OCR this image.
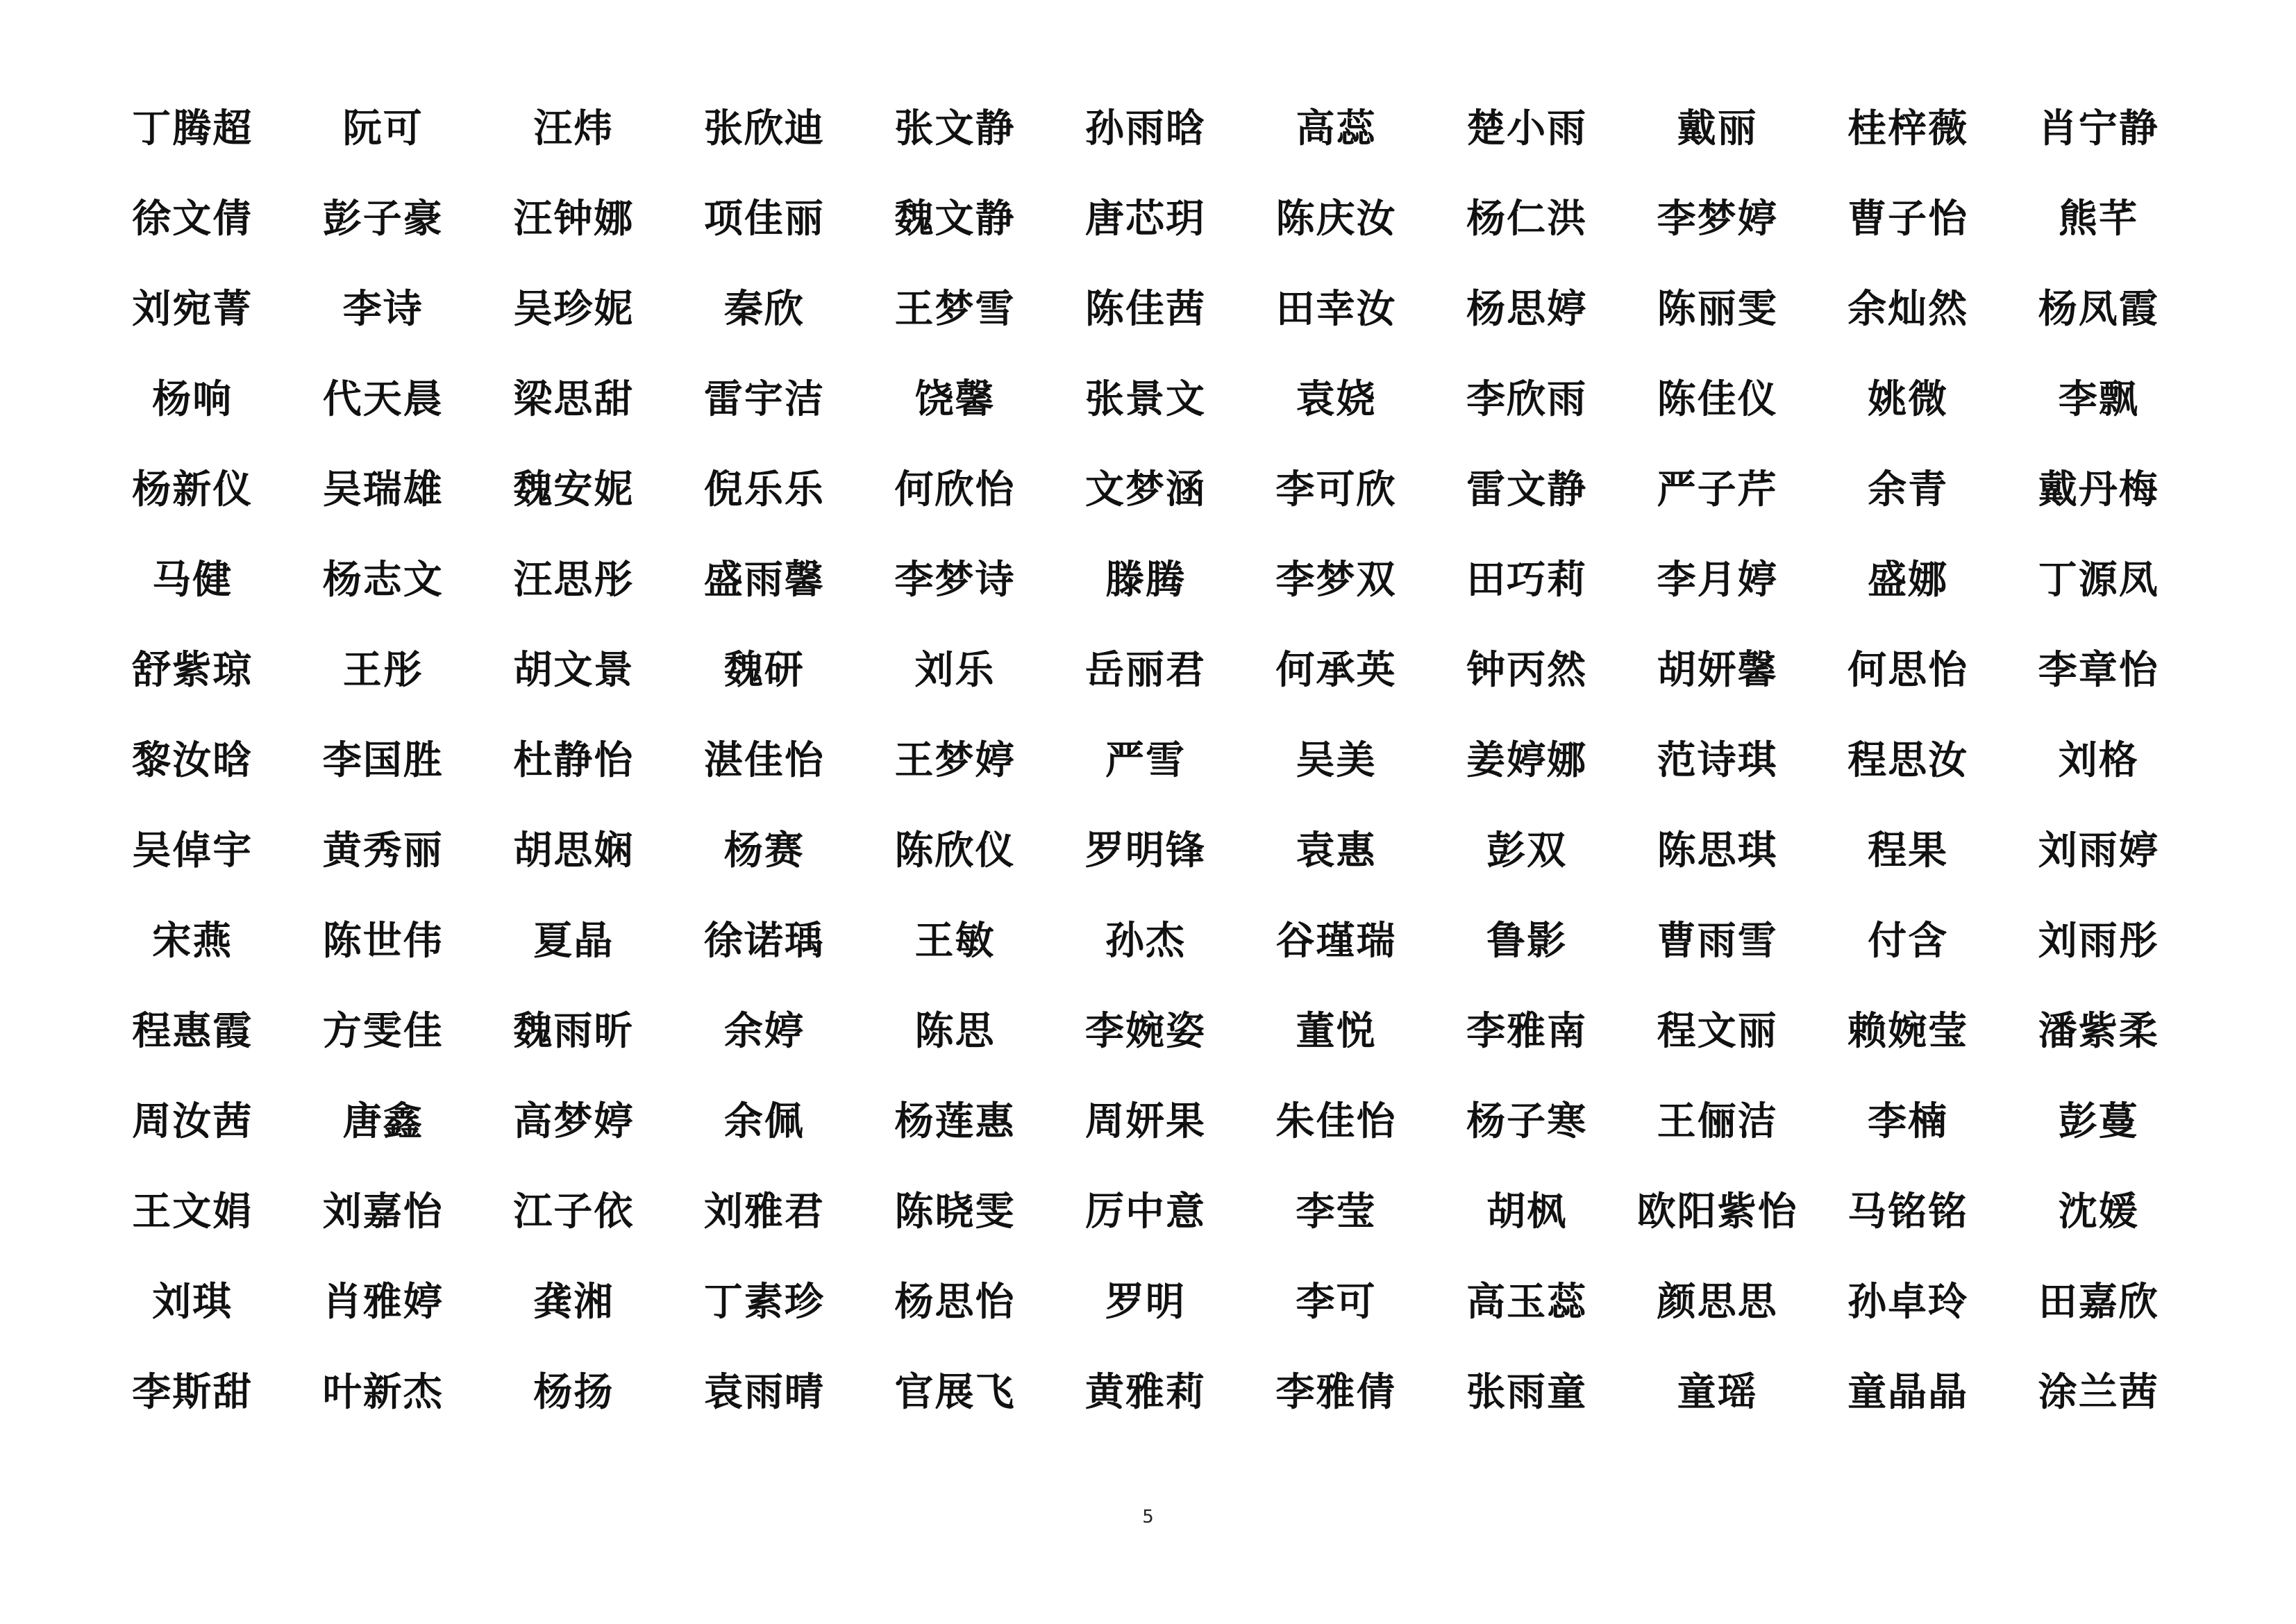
丁腾超	阮可	汪炜	张欣迪	张文静	孙雨晗	高蕊	楚小雨	戴丽	桂梓薇	肖宁静
徐文倩	彭子豪	汪钟娜	项佳丽	魏文静	唐芯玥	陈庆汝	杨仁洪	李梦婷	曹子怡	熊芊
刘宛菁	李诗	吴珍妮	秦欣	王梦雪	陈佳茜	田幸汝	杨思婷	陈丽雯	余灿然	杨凤霞
杨响	代天晨	梁思甜	雷宇洁	饶馨	张景文	袁娆	李欣雨	陈佳仪	姚微	李飘
杨新仪	吴瑞雄	魏安妮	倪乐乐	何欣怡	文梦涵	李可欣	雷文静	严子芹	余青	戴丹梅
马健	杨志文	汪思彤	盛雨馨	李梦诗	滕腾	李梦双	田巧莉	李月婷	盛娜	丁源凤
舒紫琼	王彤	胡文景	魏研	刘乐	岳丽君	何承英	钟丙然	胡妍馨	何思怡	李章怡
黎汝晗	李国胜	杜静怡	湛佳怡	王梦婷	严雪	吴美	姜婷娜	范诗琪	程思汝	刘格
吴倬宇	黄秀丽	胡思娴	杨赛	陈欣仪	罗明锋	袁惠	彭双	陈思琪	程果	刘雨婷
宋燕	陈世伟	夏晶	徐诺瑀	王敏	孙杰	谷瑾瑞	鲁影	曹雨雪	付含	刘雨彤
程惠霞	方雯佳	魏雨昕	余婷	陈思	李婉姿	董悦	李雅南	程文丽	赖婉莹	潘紫柔
周汝茜	唐鑫	高梦婷	余佩	杨莲惠	周妍果	朱佳怡	杨子寒	王俪洁	李楠	彭蔓
王文娟	刘嘉怡	江子依	刘雅君	陈晓雯	厉中意	李莹	胡枫	欧阳紫怡	马铭铭	沈媛
刘琪	肖雅婷	龚湘	丁素珍	杨思怡	罗明	李可	高玉蕊	颜思思	孙卓玲	田嘉欣
李斯甜	叶新杰	杨扬	袁雨晴	官展飞	黄雅莉	李雅倩	张雨童	童瑶	童晶晶	涂兰茜
5
